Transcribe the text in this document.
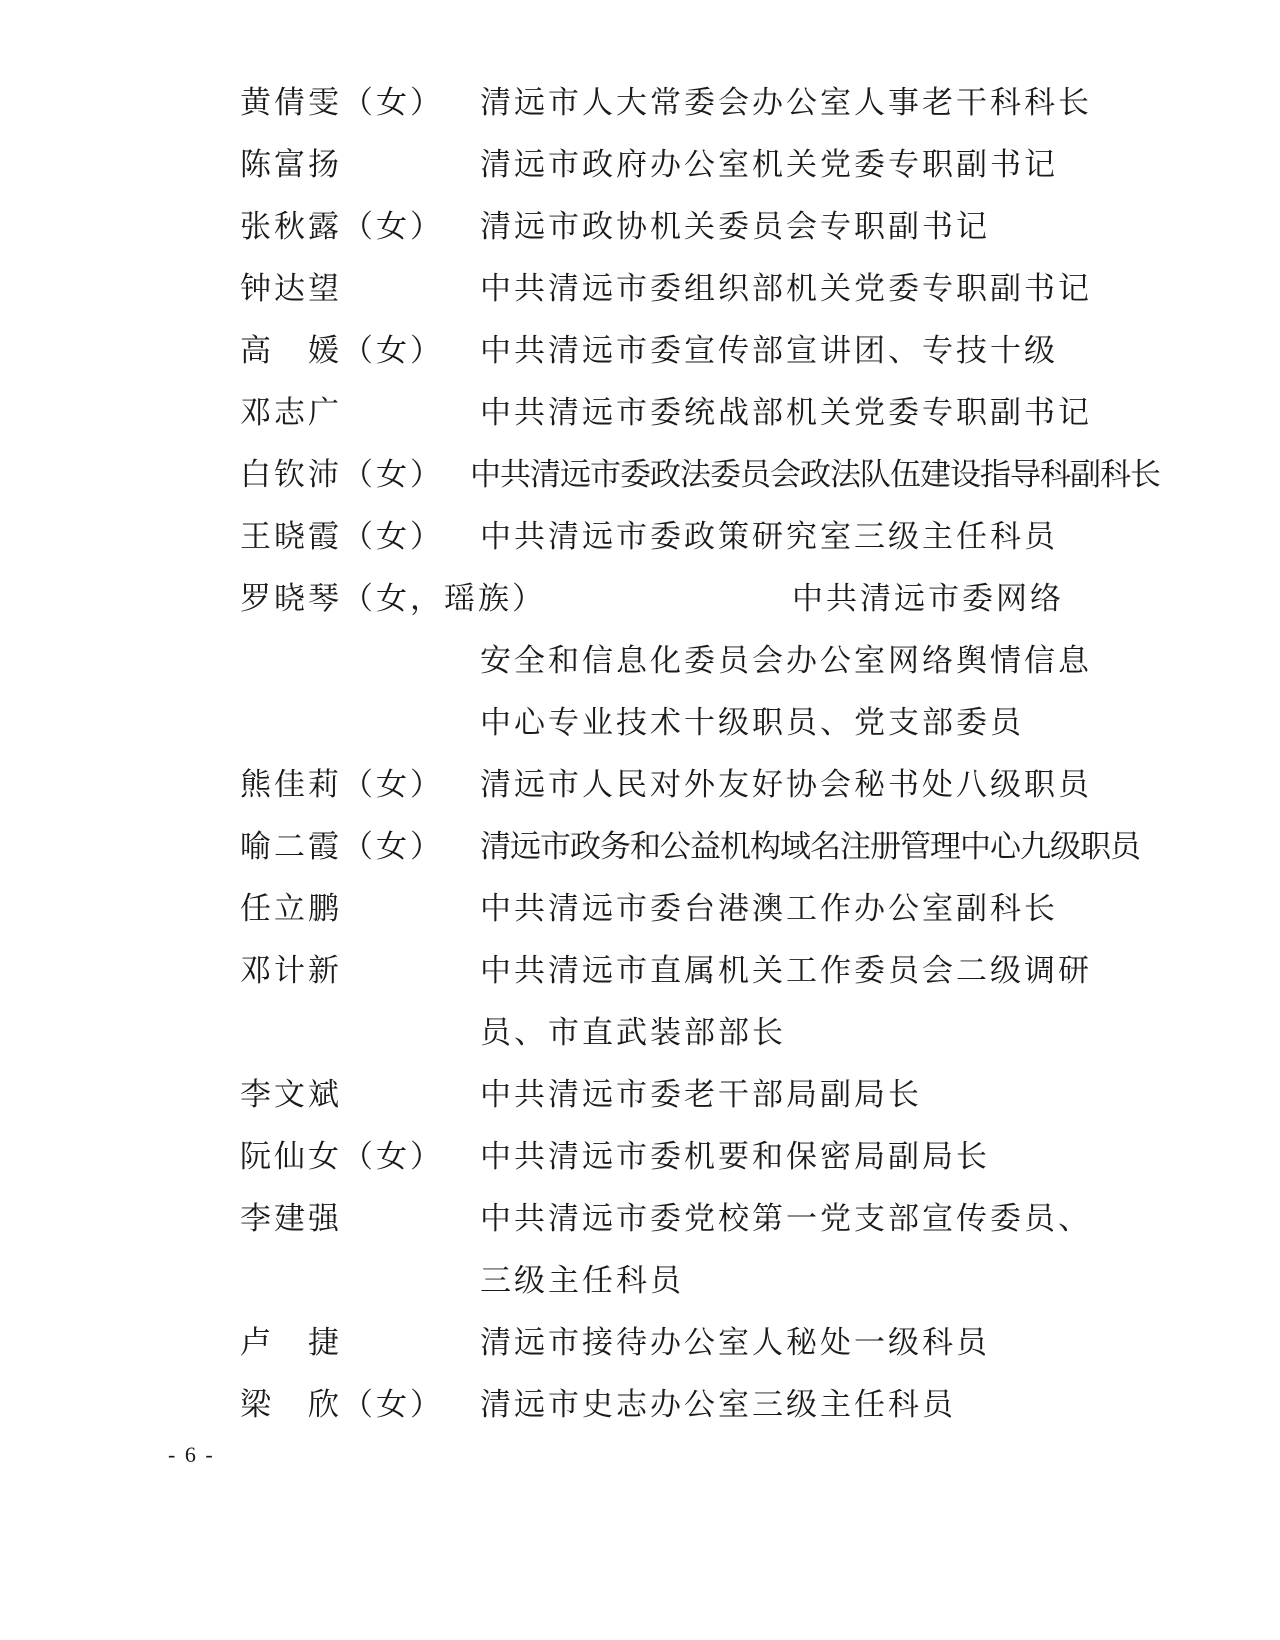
黄倩雯（女） 清远市人大常委会办公室人事老干科科长
陈富扬	清远市政府办公室机关党委专职副书记
张秋露（女） 清远市政协机关委员会专职副书记
钟达望	中共清远市委组织部机关党委专职副书记
高　媛（女） 中共清远市委宣传部宣讲团、专技十级
邓志广	中共清远市委统战部机关党委专职副书记
白钦沛（女） 中共清远市委政法委员会政法队伍建设指导科副科长
王晓霞（女） 中共清远市委政策研究室三级主任科员
罗晓琴（女，瑶族）	中共清远市委网络安全和信息化委员会办公室网络舆情信息中心专业技术十级职员、党支部委员
熊佳莉（女） 清远市人民对外友好协会秘书处八级职员
喻二霞（女） 清远市政务和公益机构域名注册管理中心九级职员
任立鹏	中共清远市委台港澳工作办公室副科长
邓计新	中共清远市直属机关工作委员会二级调研员、市直武装部部长
李文斌	中共清远市委老干部局副局长
阮仙女（女） 中共清远市委机要和保密局副局长
李建强	中共清远市委党校第一党支部宣传委员、三级主任科员
卢　捷	清远市接待办公室人秘处一级科员
梁　欣（女） 清远市史志办公室三级主任科员
- 6 -
